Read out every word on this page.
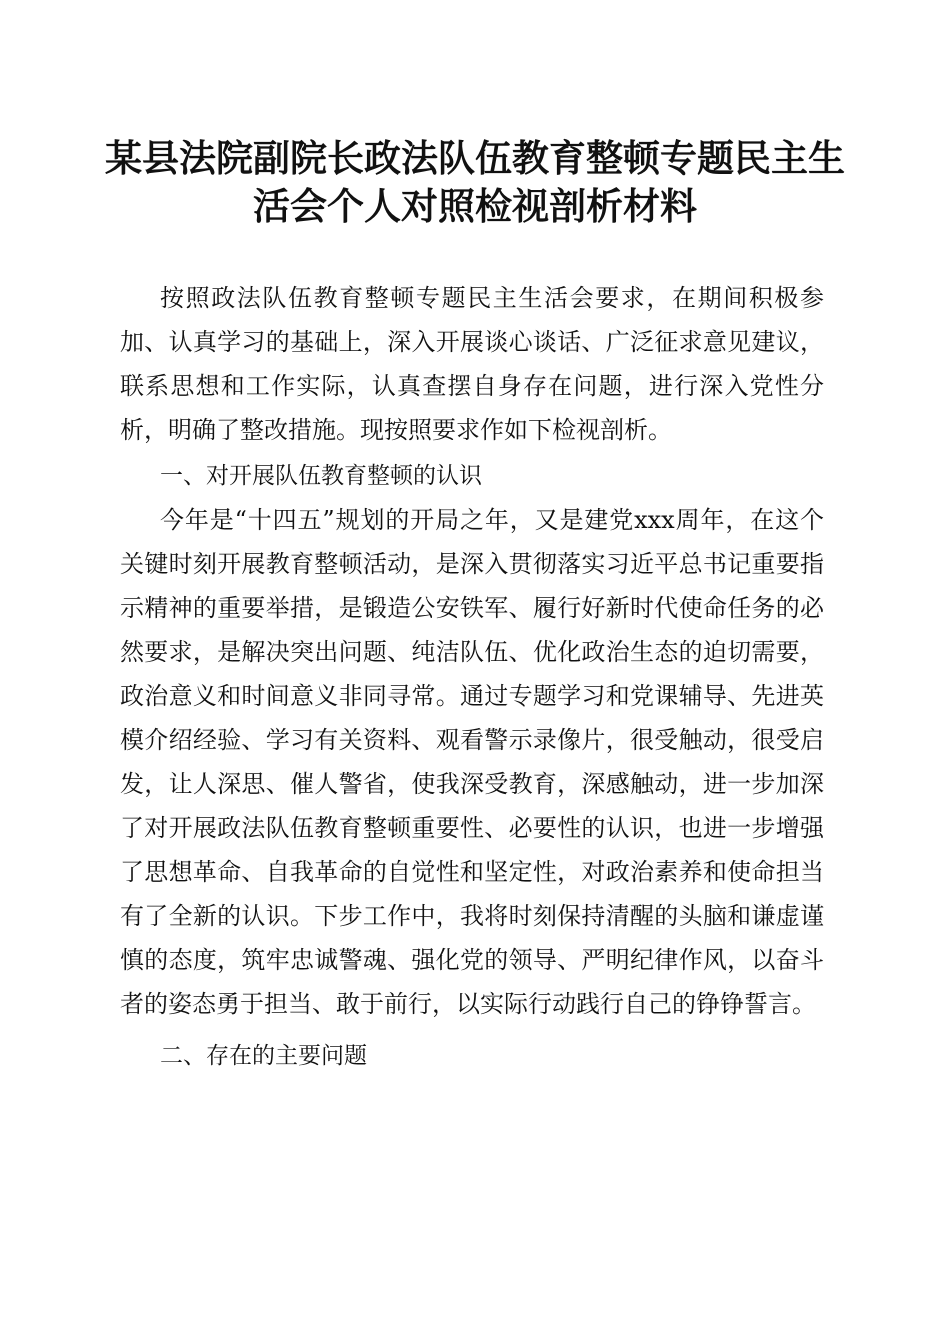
某县法院副院长政法队伍教育整顿专题民主生
活会个人对照检视剖析材料

按照政法队伍教育整顿专题民主生活会要求，在期间积极参加、认真学习的基础上，深入开展谈心谈话、广泛征求意见建议，联系思想和工作实际，认真查摆自身存在问题，进行深入党性分析，明确了整改措施。现按照要求作如下检视剖析。

一、对开展队伍教育整顿的认识

今年是“十四五”规划的开局之年，又是建党xxx周年，在这个关键时刻开展教育整顿活动，是深入贯彻落实习近平总书记重要指示精神的重要举措，是锻造公安铁军、履行好新时代使命任务的必然要求，是解决突出问题、纯洁队伍、优化政治生态的迫切需要，政治意义和时间意义非同寻常。通过专题学习和党课辅导、先进英模介绍经验、学习有关资料、观看警示录像片，很受触动，很受启发，让人深思、催人警省，使我深受教育，深感触动，进一步加深了对开展政法队伍教育整顿重要性、必要性的认识，也进一步增强了思想革命、自我革命的自觉性和坚定性，对政治素养和使命担当有了全新的认识。下步工作中，我将时刻保持清醒的头脑和谦虚谨慎的态度，筑牢忠诚警魂、强化党的领导、严明纪律作风，以奋斗者的姿态勇于担当、敢于前行，以实际行动践行自己的铮铮誓言。

二、存在的主要问题
